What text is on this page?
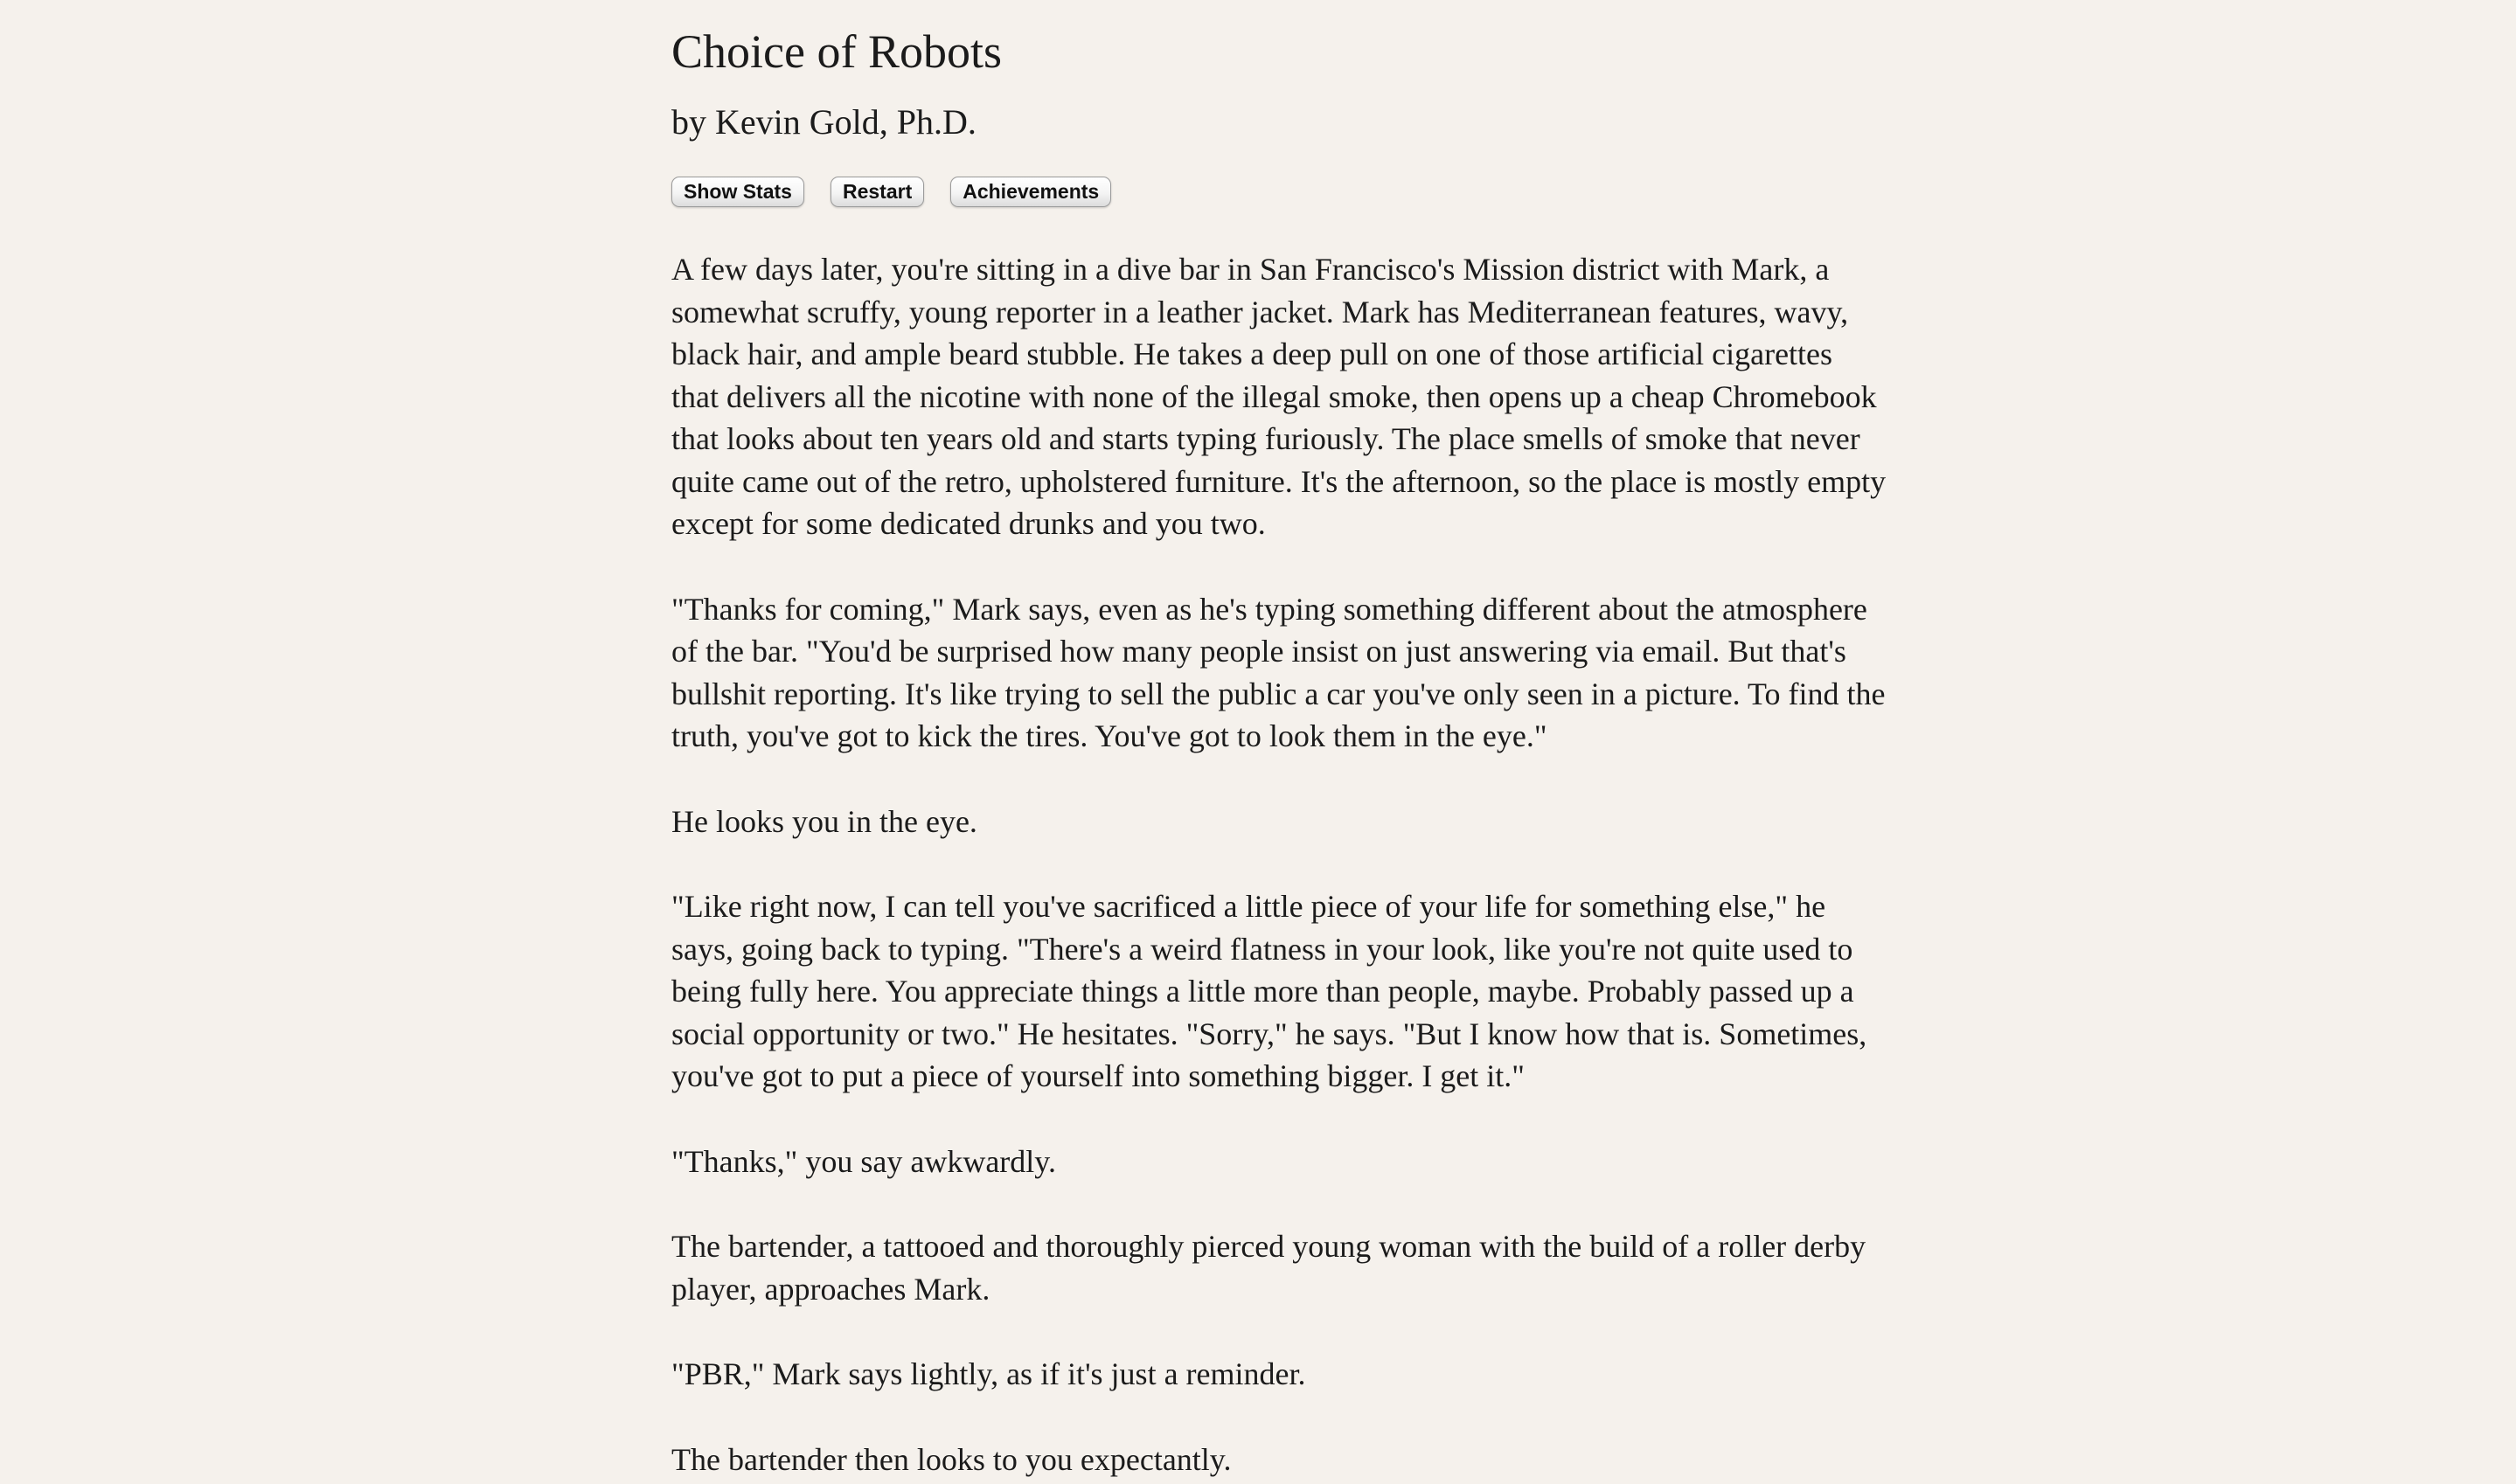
Choice of Robots
by Kevin Gold, Ph.D.
Show Stats	Restart	Achievements

A few days later, you're sitting in a dive bar in San Francisco's Mission district with Mark, a somewhat scruffy, young reporter in a leather jacket. Mark has Mediterranean features, wavy, black hair, and ample beard stubble. He takes a deep pull on one of those artificial cigarettes that delivers all the nicotine with none of the illegal smoke, then opens up a cheap Chromebook that looks about ten years old and starts typing furiously. The place smells of smoke that never quite came out of the retro, upholstered furniture. It's the afternoon, so the place is mostly empty except for some dedicated drunks and you two.

"Thanks for coming," Mark says, even as he's typing something different about the atmosphere of the bar. "You'd be surprised how many people insist on just answering via email. But that's bullshit reporting. It's like trying to sell the public a car you've only seen in a picture. To find the truth, you've got to kick the tires. You've got to look them in the eye."

He looks you in the eye.

"Like right now, I can tell you've sacrificed a little piece of your life for something else," he says, going back to typing. "There's a weird flatness in your look, like you're not quite used to being fully here. You appreciate things a little more than people, maybe. Probably passed up a social opportunity or two." He hesitates. "Sorry," he says. "But I know how that is. Sometimes, you've got to put a piece of yourself into something bigger. I get it."

"Thanks," you say awkwardly.

The bartender, a tattooed and thoroughly pierced young woman with the build of a roller derby player, approaches Mark.

"PBR," Mark says lightly, as if it's just a reminder.

The bartender then looks to you expectantly.
